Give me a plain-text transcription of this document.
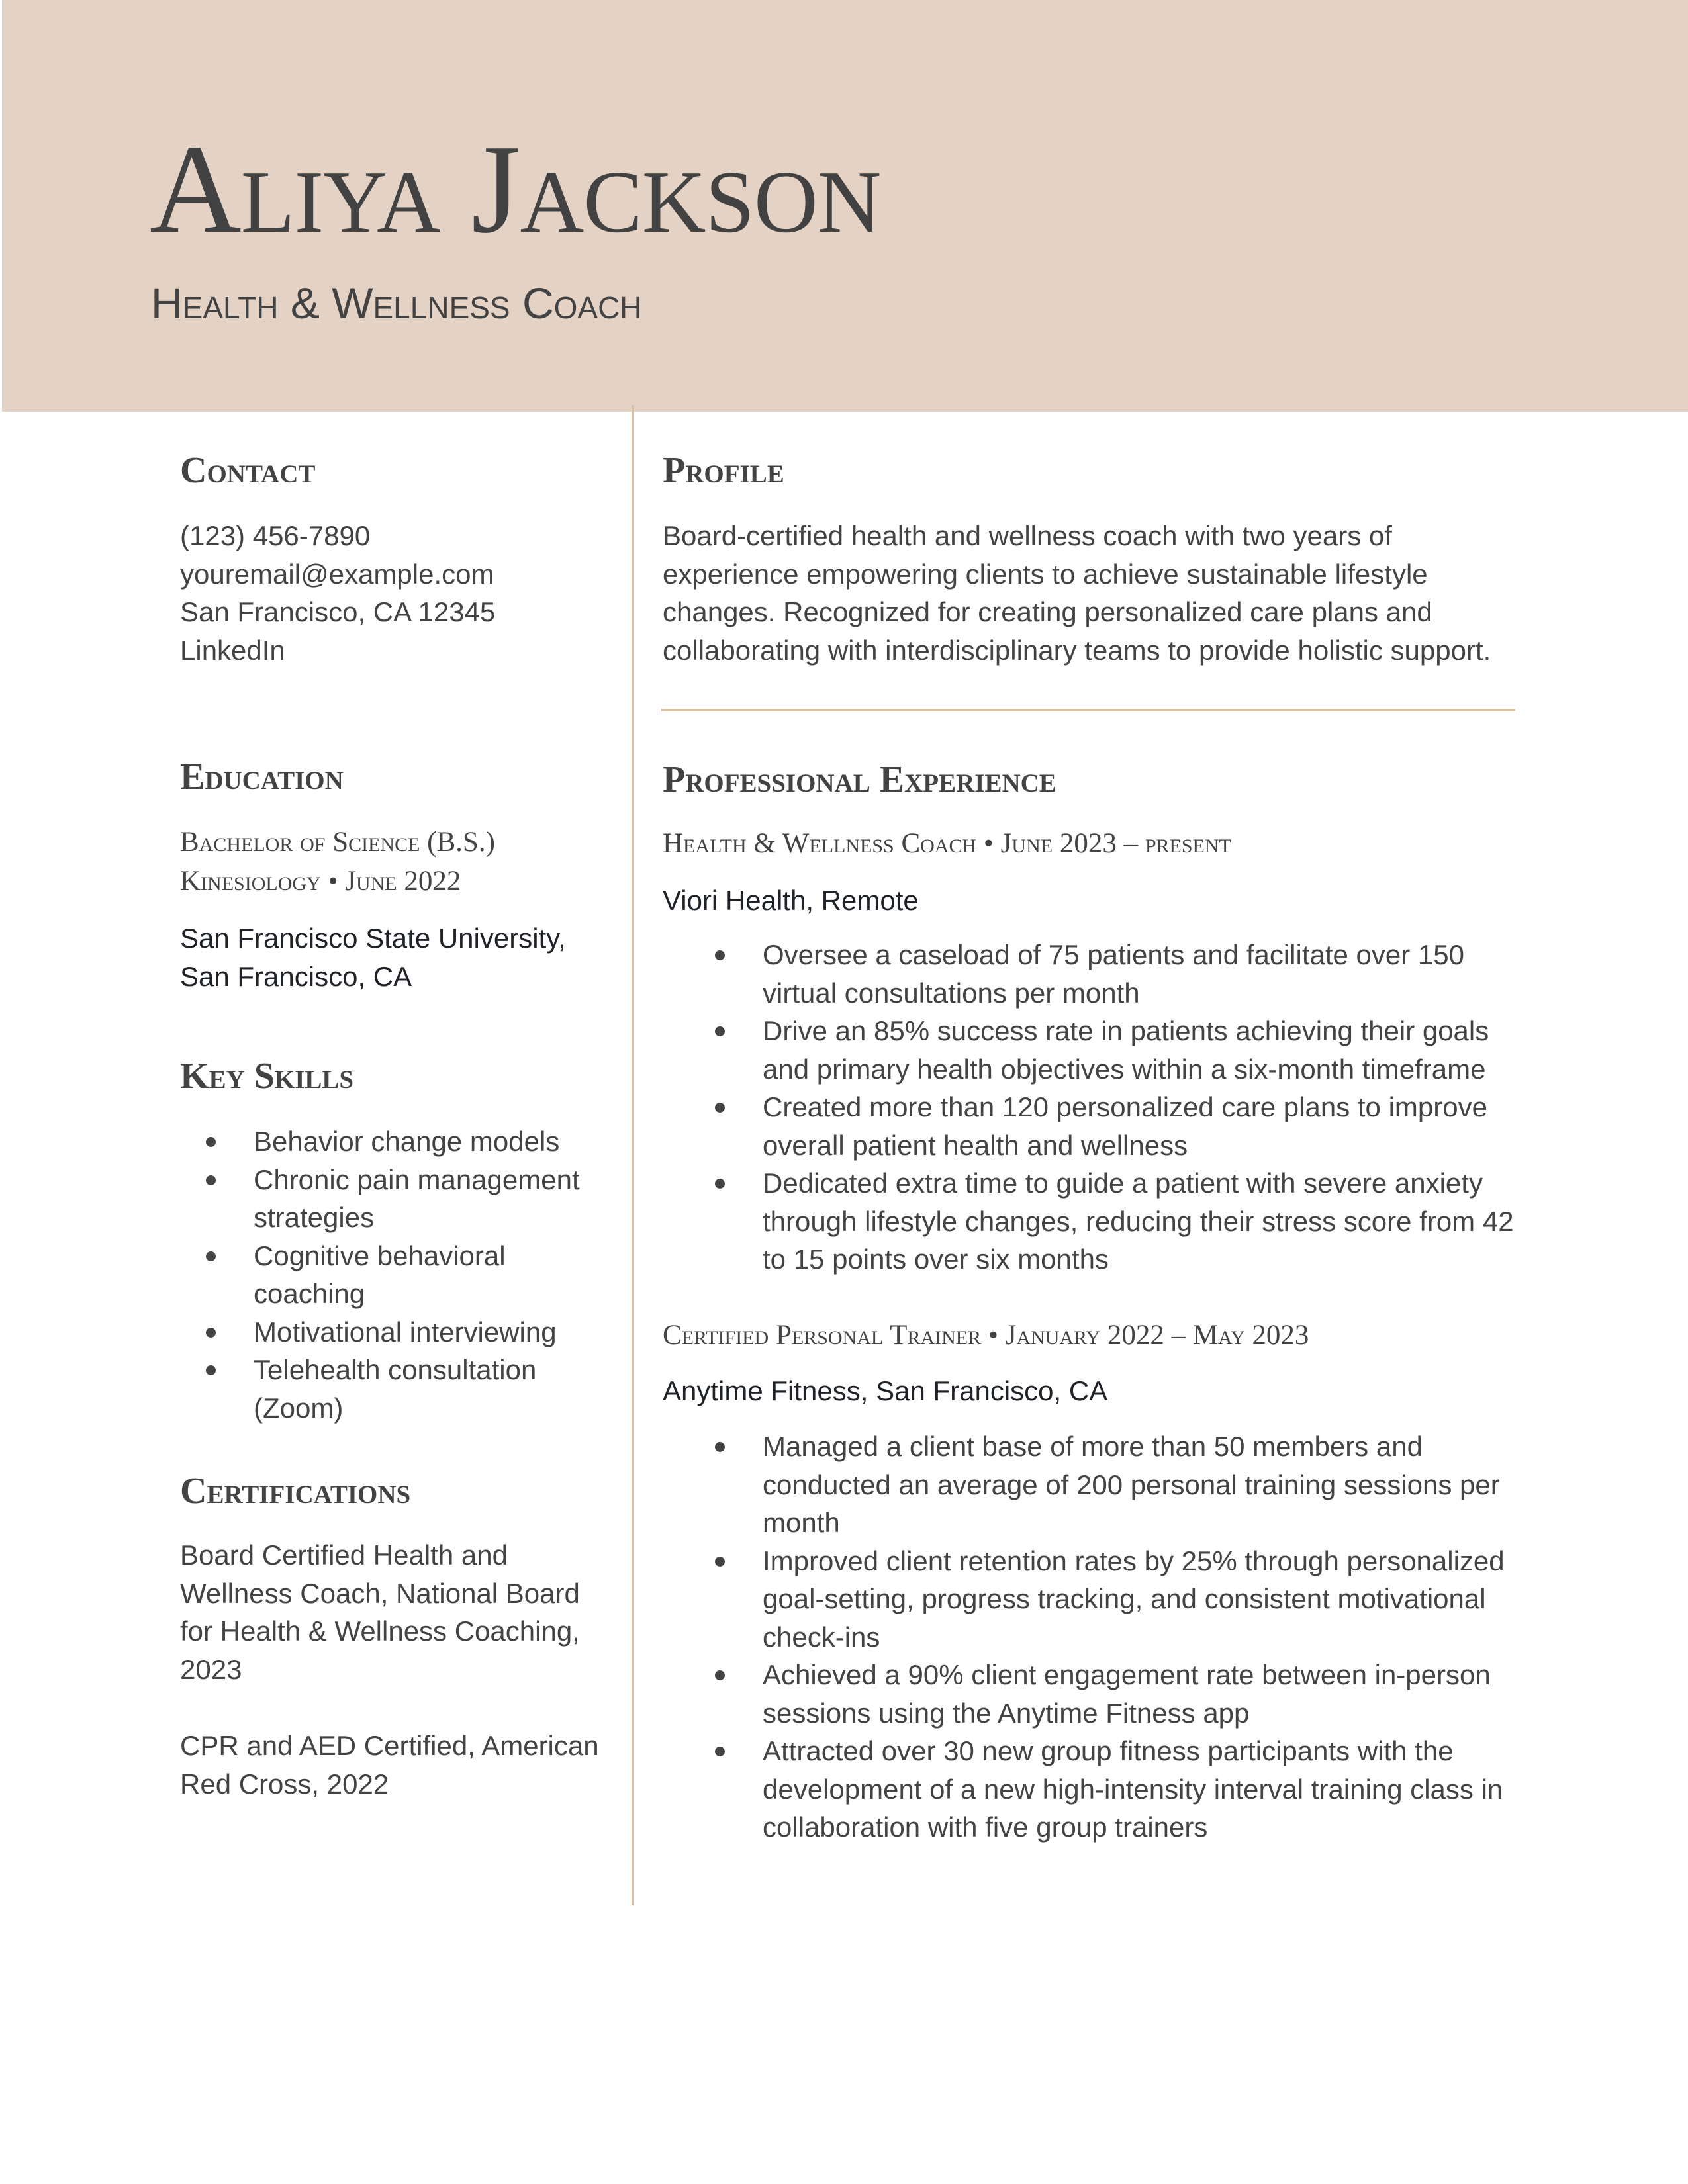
Aliya Jackson
Health & Wellness Coach
Contact
(123) 456-7890
youremail@example.com
San Francisco, CA 12345
LinkedIn
Education
Bachelor of Science (B.S.)
Kinesiology • June 2022
San Francisco State University,
San Francisco, CA
Key Skills
Behavior change models
Chronic pain management strategies
Cognitive behavioral coaching
Motivational interviewing
Telehealth consultation (Zoom)
Certifications

Board Certified Health and Wellness Coach, National Board for Health & Wellness Coaching, 2023

CPR and AED Certified, American Red Cross, 2022

Profile
Board-certified health and wellness coach with two years of
experience empowering clients to achieve sustainable lifestyle
changes. Recognized for creating personalized care plans and
collaborating with interdisciplinary teams to provide holistic support.
Professional Experience
Health & Wellness Coach • June 2023 – present
Viori Health, Remote
Oversee a caseload of 75 patients and facilitate over 150 virtual consultations per month
Drive an 85% success rate in patients achieving their goals and primary health objectives within a six-month timeframe
Created more than 120 personalized care plans to improve overall patient health and wellness
Dedicated extra time to guide a patient with severe anxiety through lifestyle changes, reducing their stress score from 42 to 15 points over six months
Certified Personal Trainer • January 2022 – May 2023
Anytime Fitness, San Francisco, CA
Managed a client base of more than 50 members and conducted an average of 200 personal training sessions per month
Improved client retention rates by 25% through personalized goal-setting, progress tracking, and consistent motivational check-ins
Achieved a 90% client engagement rate between in-person sessions using the Anytime Fitness app
Attracted over 30 new group fitness participants with the development of a new high-intensity interval training class in collaboration with five group trainers
